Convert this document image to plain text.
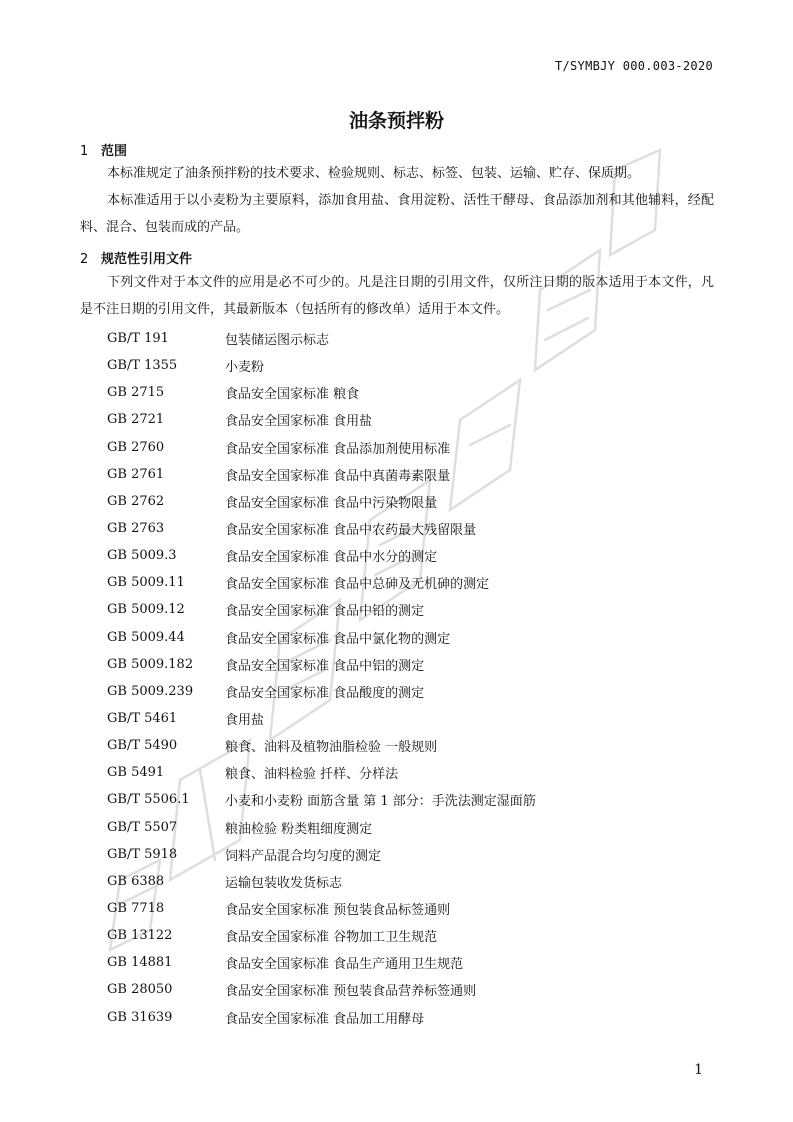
T/SYMBJY 000.003-2020
油条预拌粉
1 范围
本标准规定了油条预拌粉的技术要求、检验规则、标志、标签、包装、运输、贮存、保质期。
本标准适用于以小麦粉为主要原料，添加食用盐、食用淀粉、活性干酵母、食品添加剂和其他辅料，经配料、混合、包装而成的产品。
2 规范性引用文件
下列文件对于本文件的应用是必不可少的。凡是注日期的引用文件，仅所注日期的版本适用于本文件，凡是不注日期的引用文件，其最新版本（包括所有的修改单）适用于本文件。
GB/T 191	包装储运图示标志
GB/T 1355	小麦粉
GB 2715	食品安全国家标准 粮食
GB 2721	食品安全国家标准 食用盐
GB 2760	食品安全国家标准 食品添加剂使用标准
GB 2761	食品安全国家标准 食品中真菌毒素限量
GB 2762	食品安全国家标准 食品中污染物限量
GB 2763	食品安全国家标准 食品中农药最大残留限量
GB 5009.3	食品安全国家标准 食品中水分的测定
GB 5009.11	食品安全国家标准 食品中总砷及无机砷的测定
GB 5009.12	食品安全国家标准 食品中铅的测定
GB 5009.44	食品安全国家标准 食品中氯化物的测定
GB 5009.182	食品安全国家标准 食品中铝的测定
GB 5009.239	食品安全国家标准 食品酸度的测定
GB/T 5461	食用盐
GB/T 5490	粮食、油料及植物油脂检验 一般规则
GB 5491	粮食、油料检验 扦样、分样法
GB/T 5506.1	小麦和小麦粉 面筋含量 第 1 部分：手洗法测定湿面筋
GB/T 5507	粮油检验 粉类粗细度测定
GB/T 5918	饲料产品混合均匀度的测定
GB 6388	运输包装收发货标志
GB 7718	食品安全国家标准 预包装食品标签通则
GB 13122	食品安全国家标准 谷物加工卫生规范
GB 14881	食品安全国家标准 食品生产通用卫生规范
GB 28050	食品安全国家标准 预包装食品营养标签通则
GB 31639	食品安全国家标准 食品加工用酵母
1
